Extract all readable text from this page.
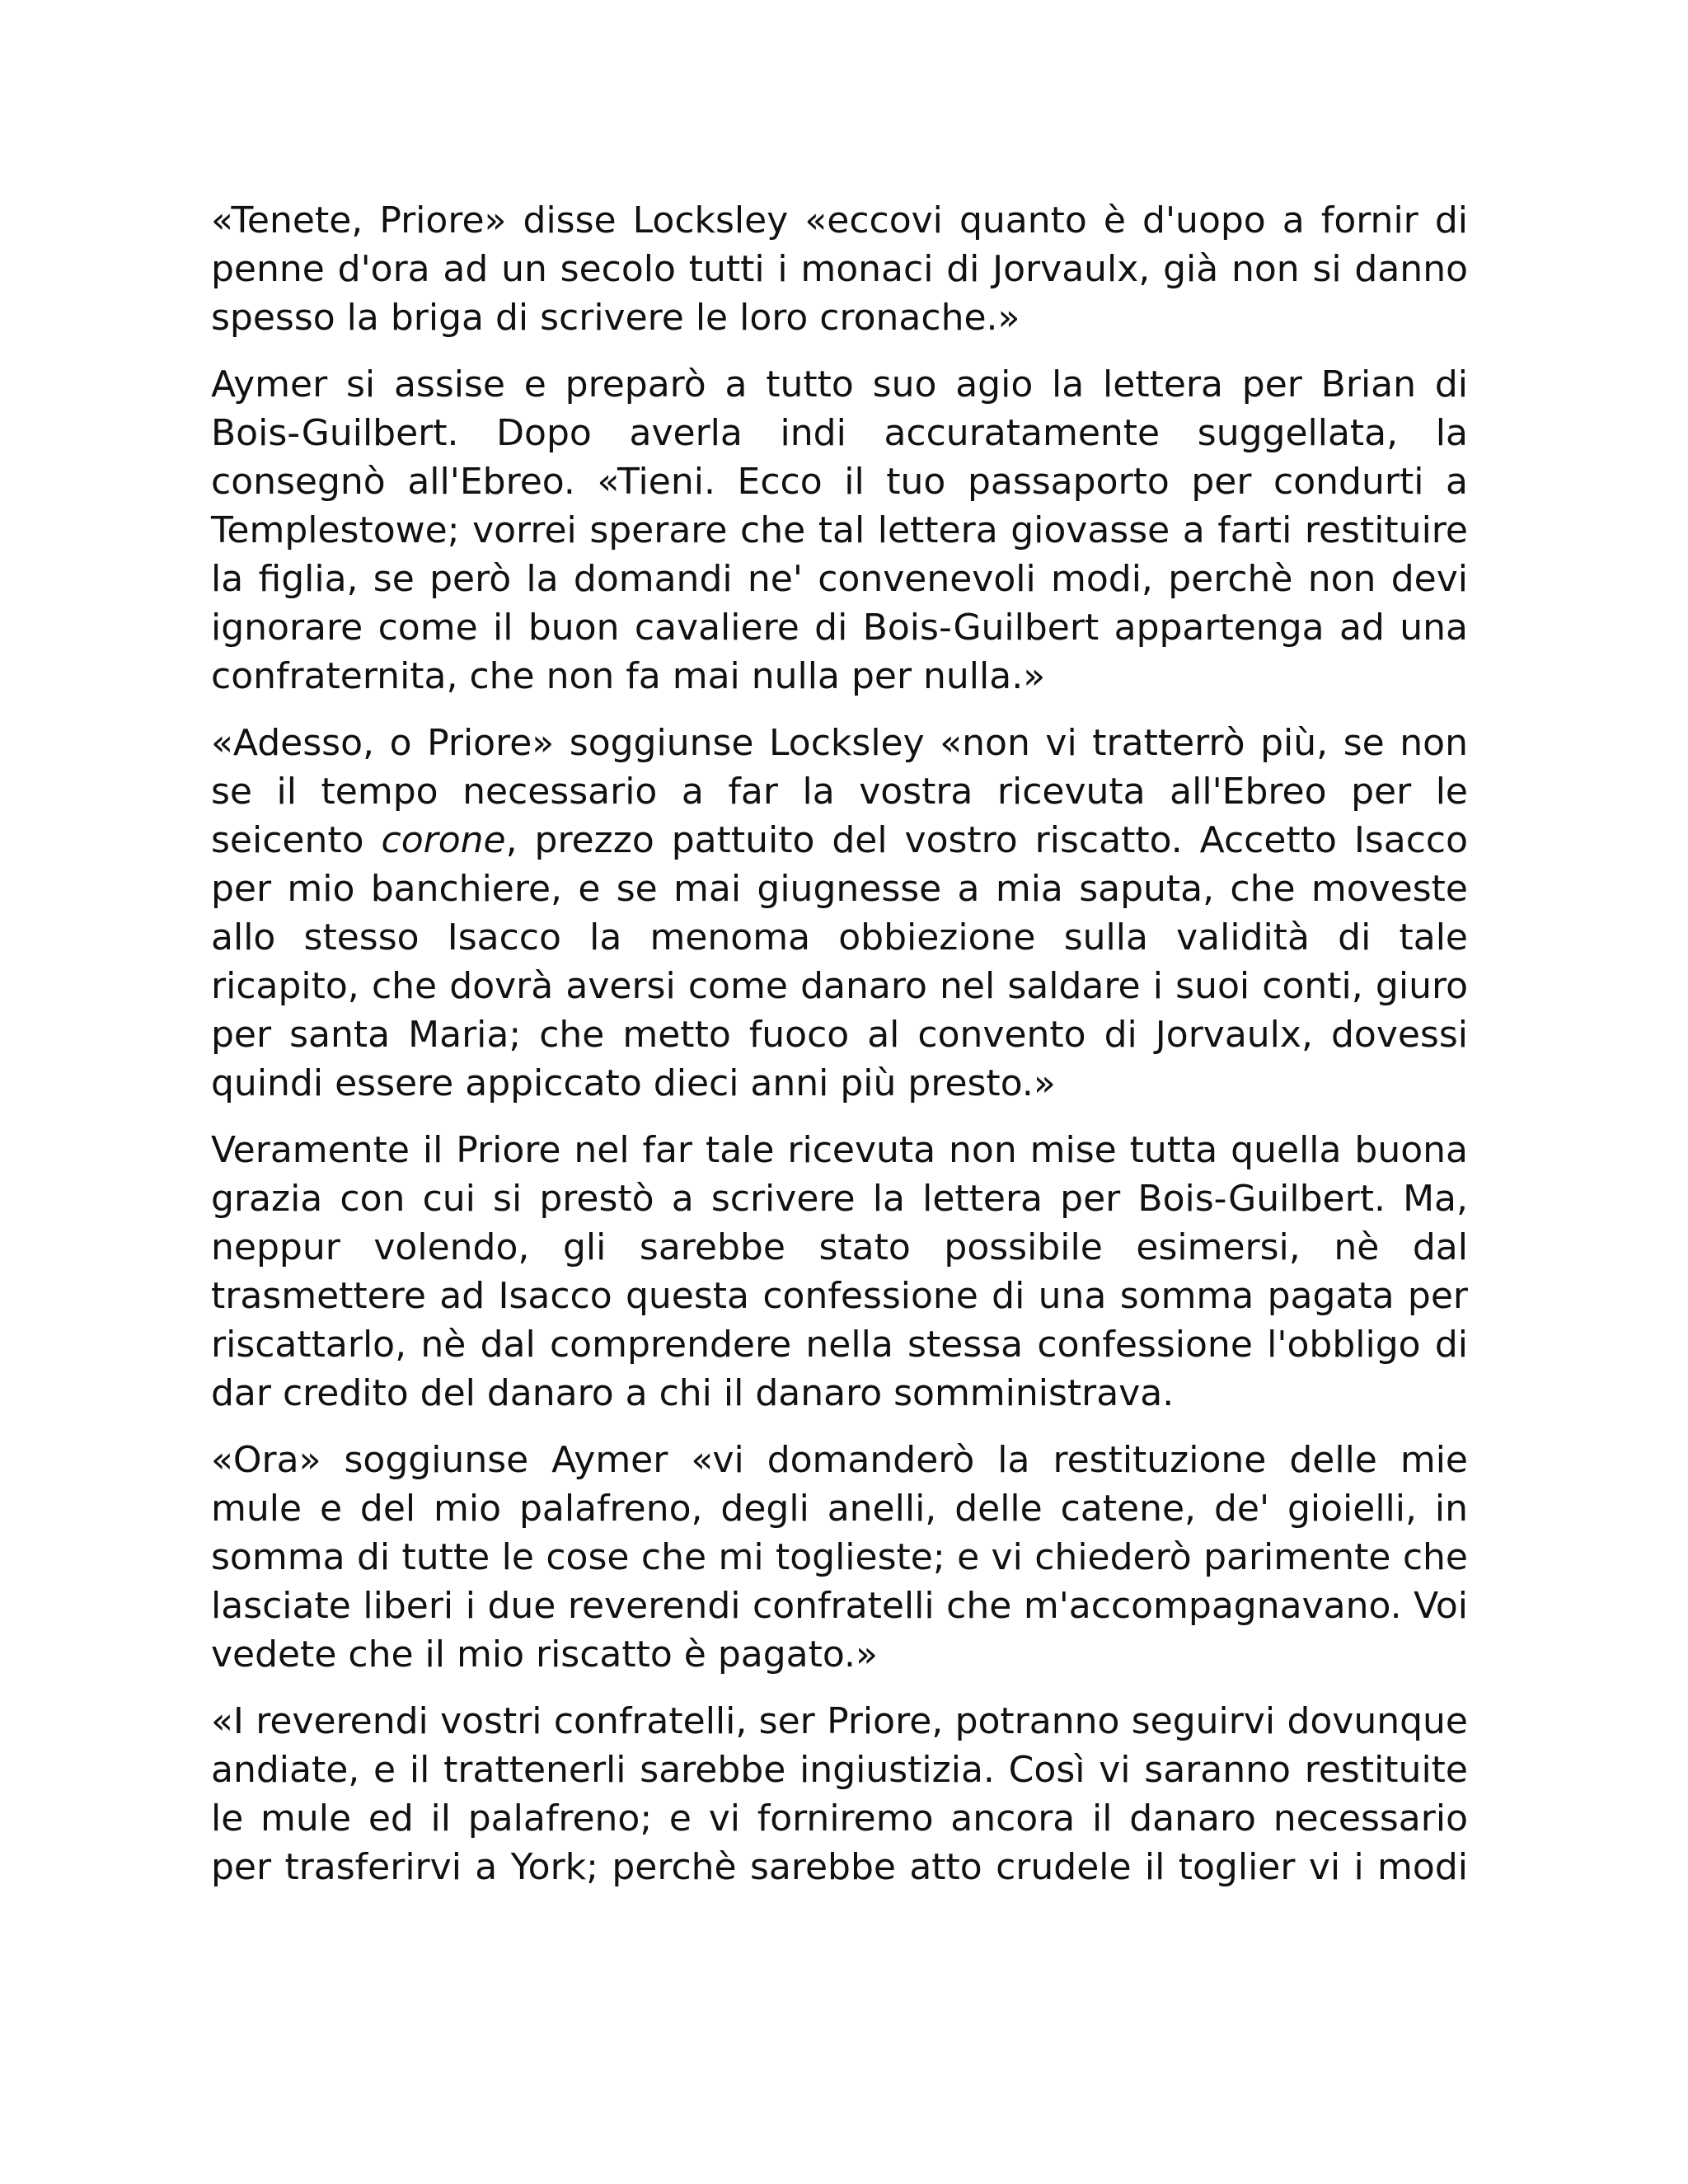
«Tenete, Priore» disse Locksley «eccovi quanto è d'uopo a fornir di penne d'ora ad un secolo tutti i monaci di Jorvaulx, già non si danno spesso la briga di scrivere le loro cronache.»

Aymer si assise e preparò a tutto suo agio la lettera per Brian di Bois-Guilbert. Dopo averla indi accuratamente suggellata, la consegnò all'Ebreo. «Tieni. Ecco il tuo passaporto per condurti a Templestowe; vorrei sperare che tal lettera giovasse a farti restituire la figlia, se però la domandi ne' convenevoli modi, perchè non devi ignorare come il buon cavaliere di Bois-Guilbert appartenga ad una confraternita, che non fa mai nulla per nulla.»

«Adesso, o Priore» soggiunse Locksley «non vi tratterrò più, se non se il tempo necessario a far la vostra ricevuta all'Ebreo per le seicento corone, prezzo pattuito del vostro riscatto. Accetto Isacco per mio banchiere, e se mai giugnesse a mia saputa, che moveste allo stesso Isacco la menoma obbiezione sulla validità di tale ricapito, che dovrà aversi come danaro nel saldare i suoi conti, giuro per santa Maria; che metto fuoco al convento di Jorvaulx, dovessi quindi essere appiccato dieci anni più presto.»

Veramente il Priore nel far tale ricevuta non mise tutta quella buona grazia con cui si prestò a scrivere la lettera per Bois-Guilbert. Ma, neppur volendo, gli sarebbe stato possibile esimersi, nè dal trasmettere ad Isacco questa confessione di una somma pagata per riscattarlo, nè dal comprendere nella stessa confessione l'obbligo di dar credito del danaro a chi il danaro somministrava.

«Ora» soggiunse Aymer «vi domanderò la restituzione delle mie mule e del mio palafreno, degli anelli, delle catene, de' gioielli, in somma di tutte le cose che mi toglieste; e vi chiederò parimente che lasciate liberi i due reverendi confratelli che m'accompagnavano. Voi vedete che il mio riscatto è pagato.»

«I reverendi vostri confratelli, ser Priore, potranno seguirvi dovunque andiate, e il trattenerli sarebbe ingiustizia. Così vi saranno restituite le mule ed il palafreno; e vi forniremo ancora il danaro necessario per trasferirvi a York; perchè sarebbe atto crudele il toglier vi i modi
